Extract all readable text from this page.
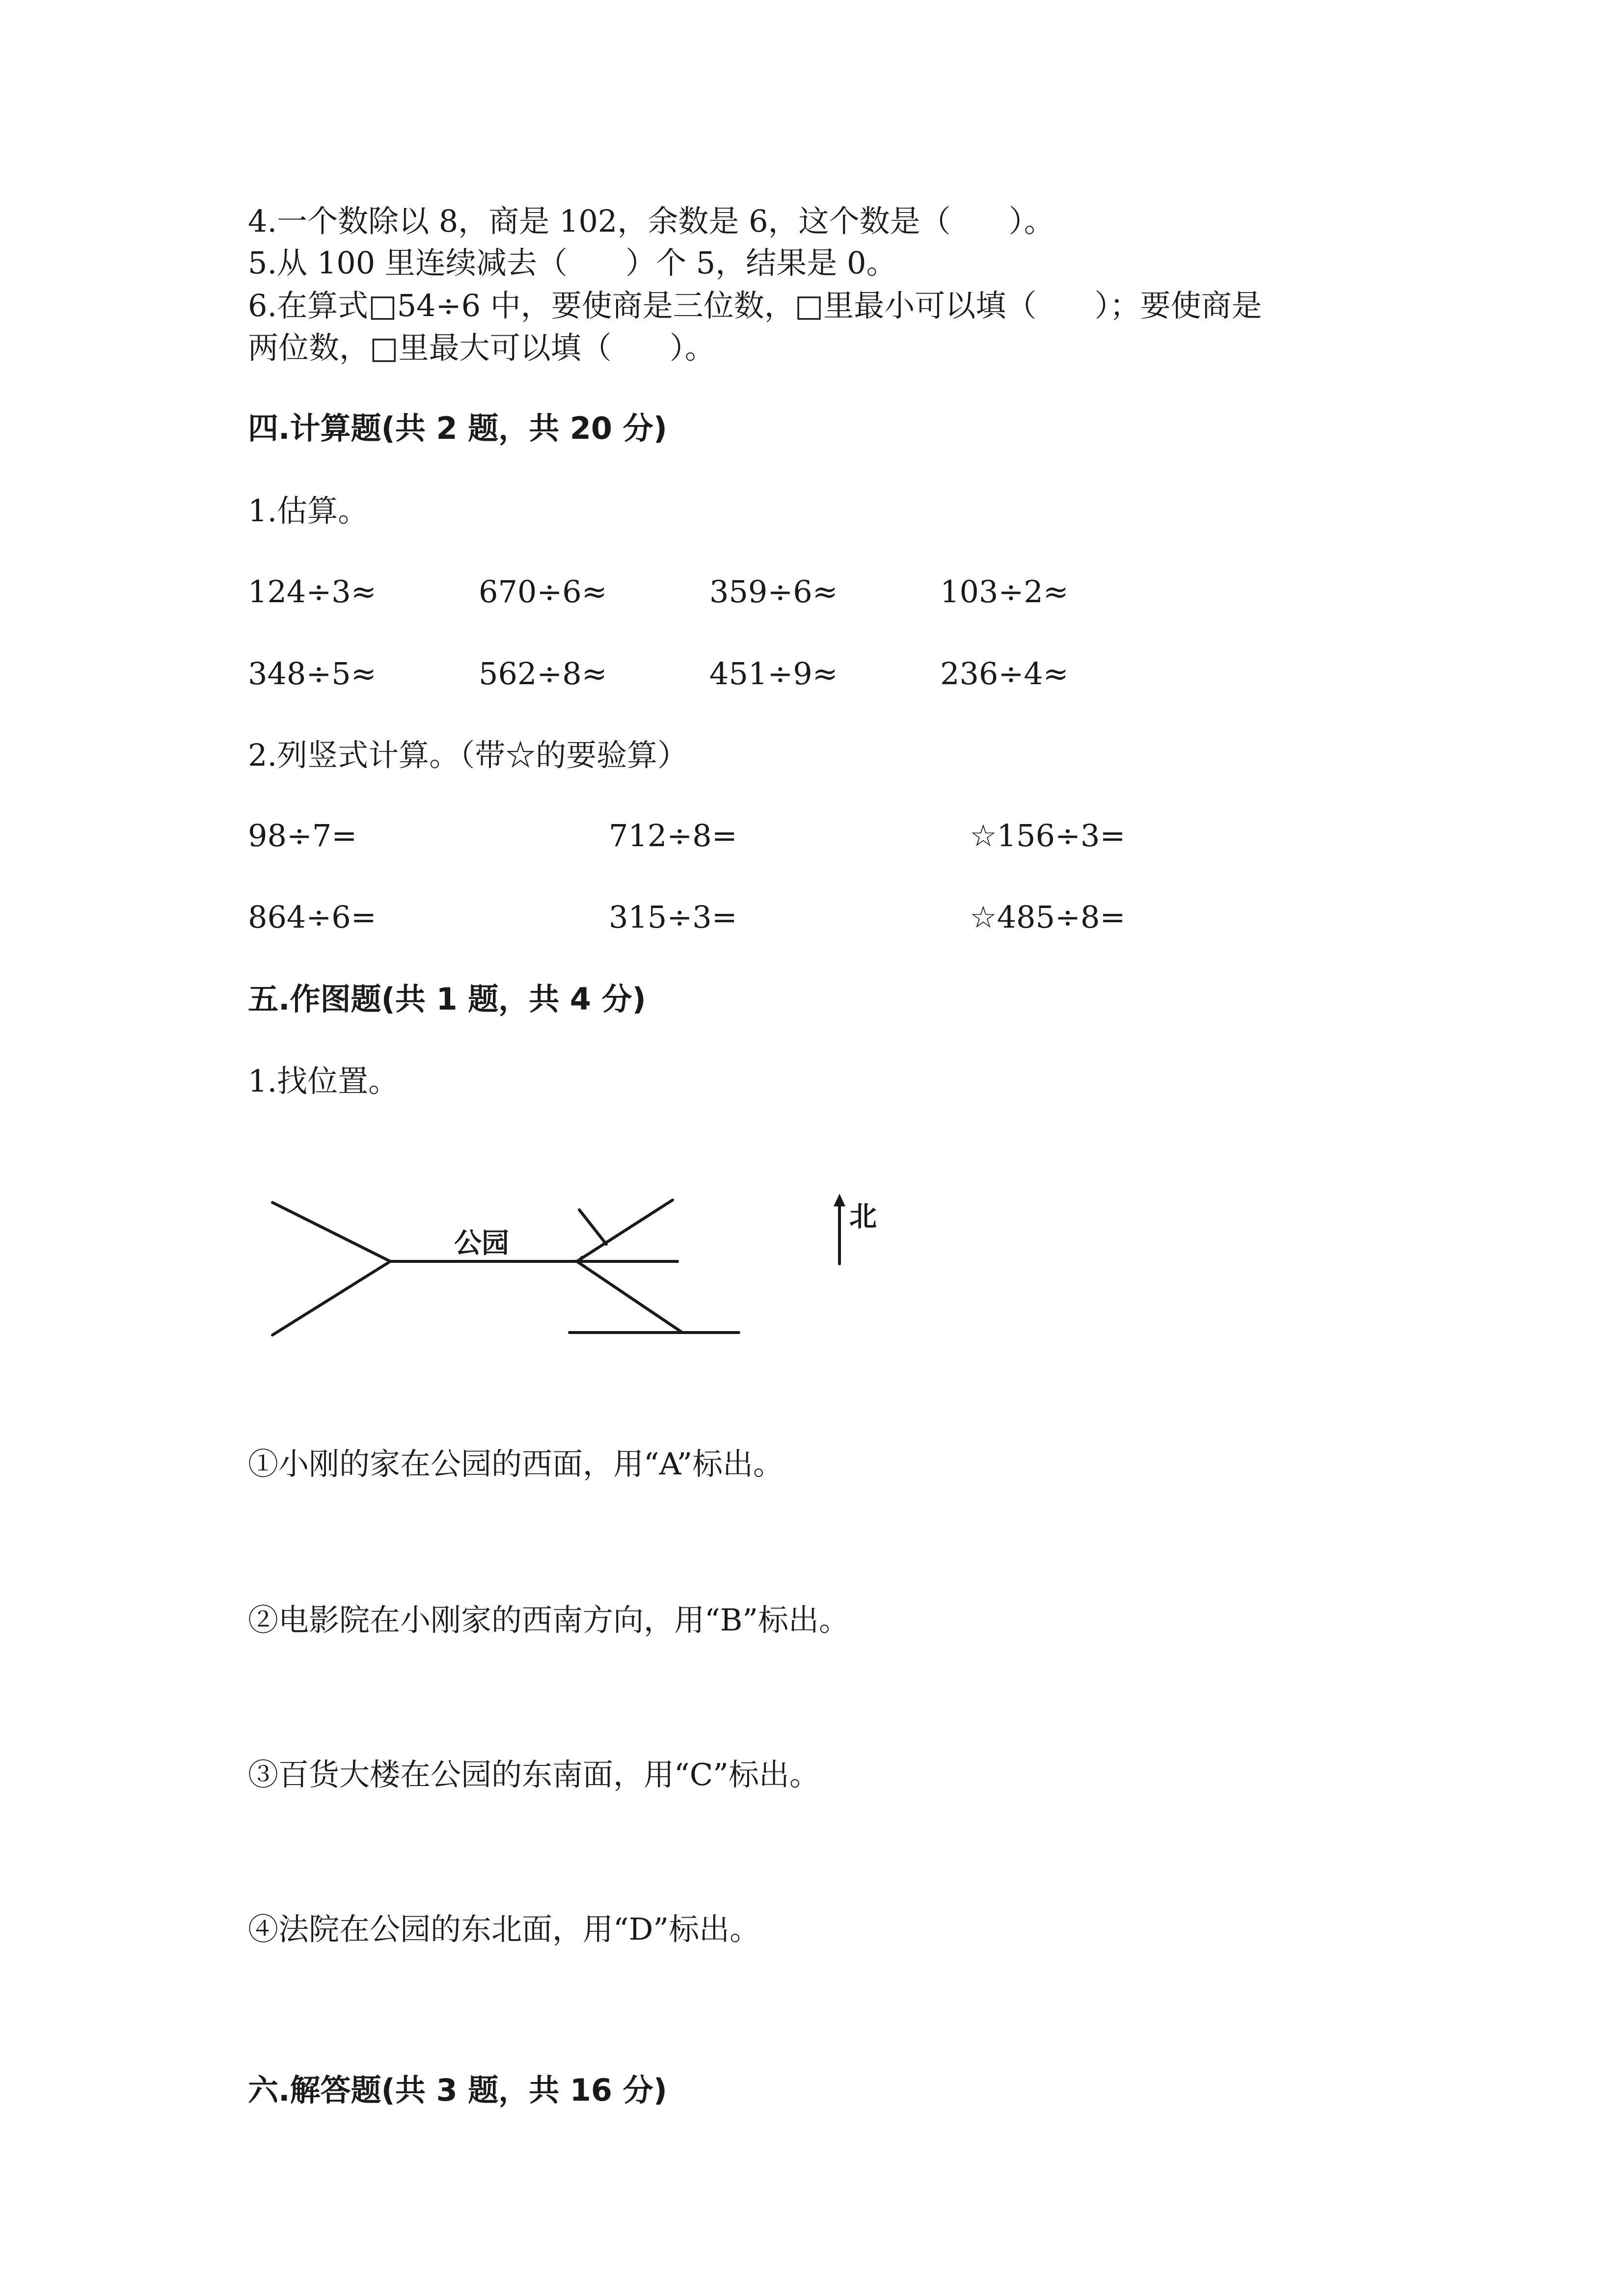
4.一个数除以 8，商是 102，余数是 6，这个数是（      ）。
5.从 100 里连续减去（      ）个 5，结果是 0。
6.在算式□54÷6 中，要使商是三位数，□里最小可以填（      ）；要使商是
两位数，□里最大可以填（      ）。
四.计算题(共 2 题，共 20 分)
1.估算。
124÷3≈	670÷6≈	359÷6≈	103÷2≈
348÷5≈	562÷8≈	451÷9≈	236÷4≈
2.列竖式计算。（带☆的要验算）
98÷7=	712÷8=	☆156÷3=
864÷6=	315÷3=	☆485÷8=
五.作图题(共 1 题，共 4 分)
1.找位置。
公园
北
①小刚的家在公园的西面，用“A”标出。
②电影院在小刚家的西南方向，用“B”标出。
③百货大楼在公园的东南面，用“C”标出。
④法院在公园的东北面，用“D”标出。
六.解答题(共 3 题，共 16 分)
